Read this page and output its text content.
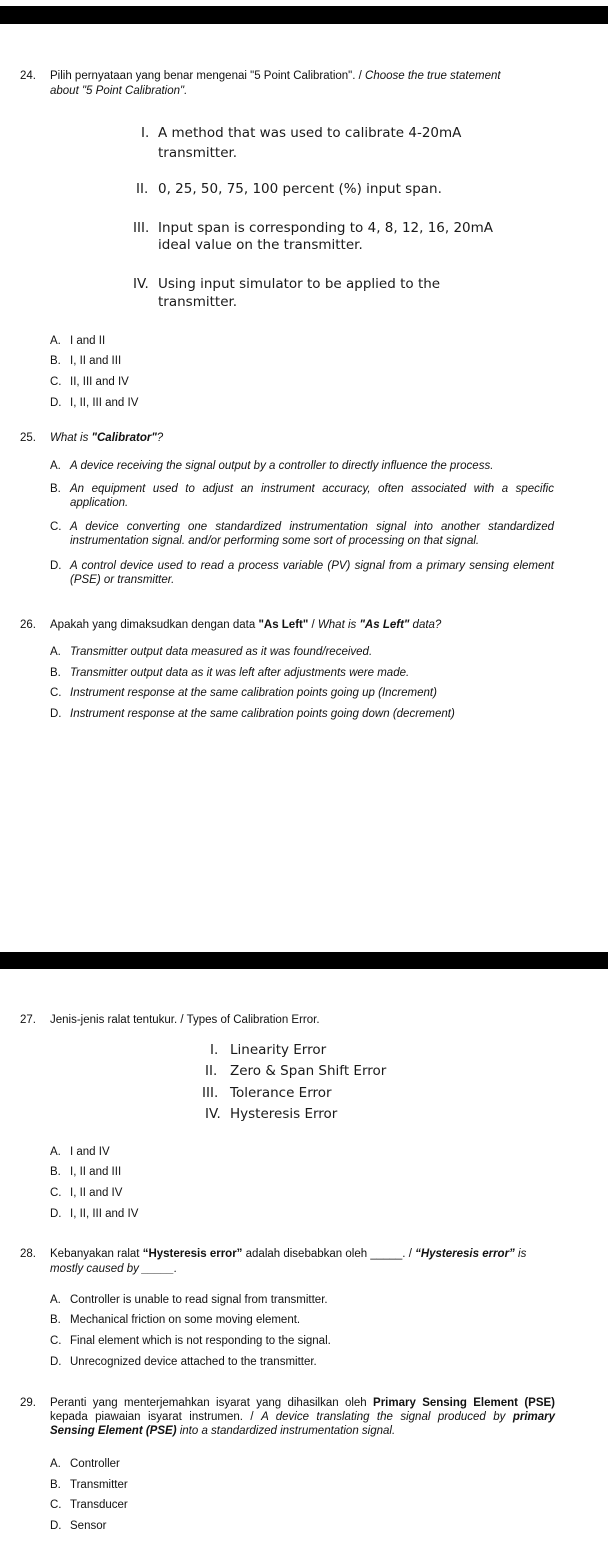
24. Pilih pernyataan yang benar mengenai "5 Point Calibration". / Choose the true statement
about "5 Point Calibration".
I. A method that was used to calibrate 4-20mA
transmitter.
II. 0, 25, 50, 75, 100 percent (%) input span.
III. Input span is corresponding to 4, 8, 12, 16, 20mA
ideal value on the transmitter.
IV. Using input simulator to be applied to the
transmitter.
A. I and II
B. I, II and III
C. II, III and IV
D. I, II, III and IV
25. What is "Calibrator"?
A. A device receiving the signal output by a controller to directly influence the process.
B. An equipment used to adjust an instrument accuracy, often associated with a specific
application.
C. A device converting one standardized instrumentation signal into another standardized
instrumentation signal. and/or performing some sort of processing on that signal.
D. A control device used to read a process variable (PV) signal from a primary sensing element
(PSE) or transmitter.
26. Apakah yang dimaksudkan dengan data "As Left" / What is "As Left" data?
A. Transmitter output data measured as it was found/received.
B. Transmitter output data as it was left after adjustments were made.
C. Instrument response at the same calibration points going up (Increment)
D. Instrument response at the same calibration points going down (decrement)
27. Jenis-jenis ralat tentukur. / Types of Calibration Error.
I. Linearity Error
II. Zero & Span Shift Error
III. Tolerance Error
IV. Hysteresis Error
A. I and IV
B. I, II and III
C. I, II and IV
D. I, II, III and IV
28. Kebanyakan ralat “Hysteresis error” adalah disebabkan oleh _____. / “Hysteresis error” is
mostly caused by _____.
A. Controller is unable to read signal from transmitter.
B. Mechanical friction on some moving element.
C. Final element which is not responding to the signal.
D. Unrecognized device attached to the transmitter.
29. Peranti yang menterjemahkan isyarat yang dihasilkan oleh Primary Sensing Element (PSE)
kepada piawaian isyarat instrumen. / A device translating the signal produced by primary
Sensing Element (PSE) into a standardized instrumentation signal.
A. Controller
B. Transmitter
C. Transducer
D. Sensor
